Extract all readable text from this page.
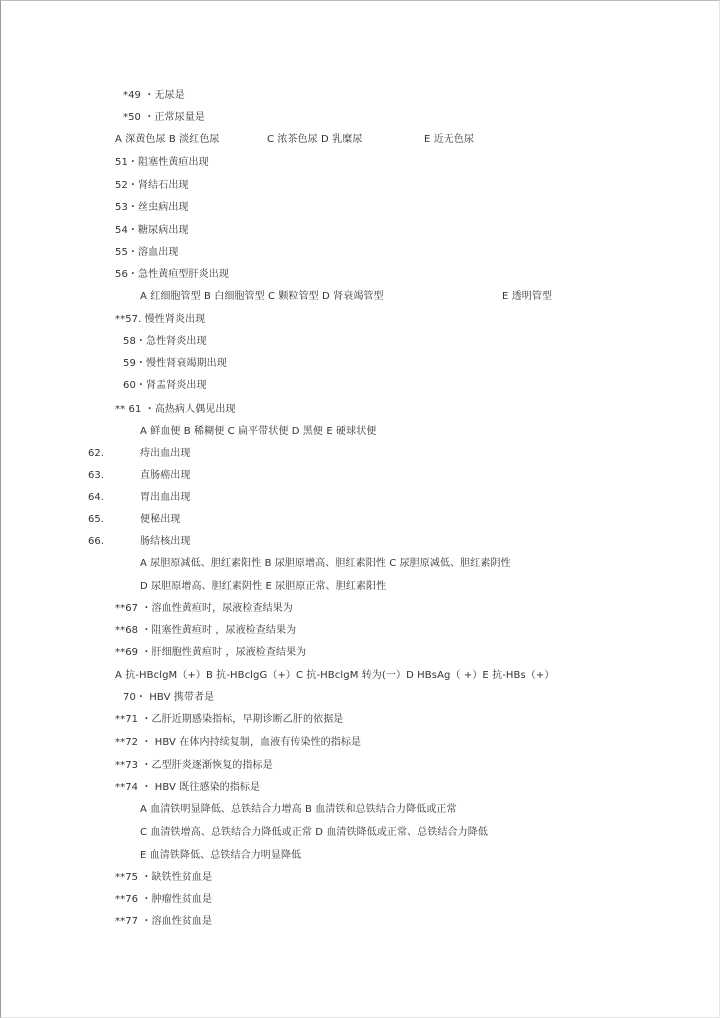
*49 ・无尿是
*50 ・正常尿量是
A 深黄色尿 B 淡红色尿	C 浓茶色尿 D 乳糜尿	E 近无色尿
51・阻塞性黄疸出现
52・肾结石出现
53・丝虫病出现
54・糖尿病出现
55・溶血出现
56・急性黄疸型肝炎出现
A 红细胞管型 B 白细胞管型 C 颗粒管型 D 肾衰竭管型	E 透明管型
**57. 慢性肾炎出现
58・急性肾炎出现
59・慢性肾衰竭期出现
60・肾盂肾炎出现
** 61 ・高热病人偶见出现
A 鲜血便 B 稀糊便 C 扁平带状便 D 黑便 E 硬球状便
62.	痔出血出现
63.	直肠癌出现
64.	胃出血出现
65.	便秘出现
66.	肠结核出现
A 尿胆原减低、胆红素阳性 B 尿胆原增高、胆红素阳性 C 尿胆原减低、胆红素阴性
D 尿胆原增高、胆红素阴性 E 尿胆原正常、胆红素阳性
**67 ・溶血性黄疸时，尿液检查结果为
**68 ・阻塞性黄疸时 ，尿液检查结果为
**69 ・肝细胞性黄疸时 ，尿液检查结果为
A 抗-HBclgM（+）B 抗-HBclgG（+）C 抗-HBclgM 转为(一）D HBsAg（ +）E 抗-HBs（+）
70・ HBV 携带者是
**71 ・乙肝近期感染指标，早期诊断乙肝的依据是
**72 ・ HBV 在体内持续复制，血液有传染性的指标是
**73 ・乙型肝炎逐渐恢复的指标是
**74 ・ HBV 既往感染的指标是
A 血清铁明显降低、总铁结合力增高 B 血清铁和总铁结合力降低或正常
C 血清铁增高、总铁结合力降低或正常 D 血清铁降低或正常、总铁结合力降低
E 血清铁降低、总铁结合力明显降低
**75 ・缺铁性贫血是
**76 ・肿瘤性贫血是
**77 ・溶血性贫血是
